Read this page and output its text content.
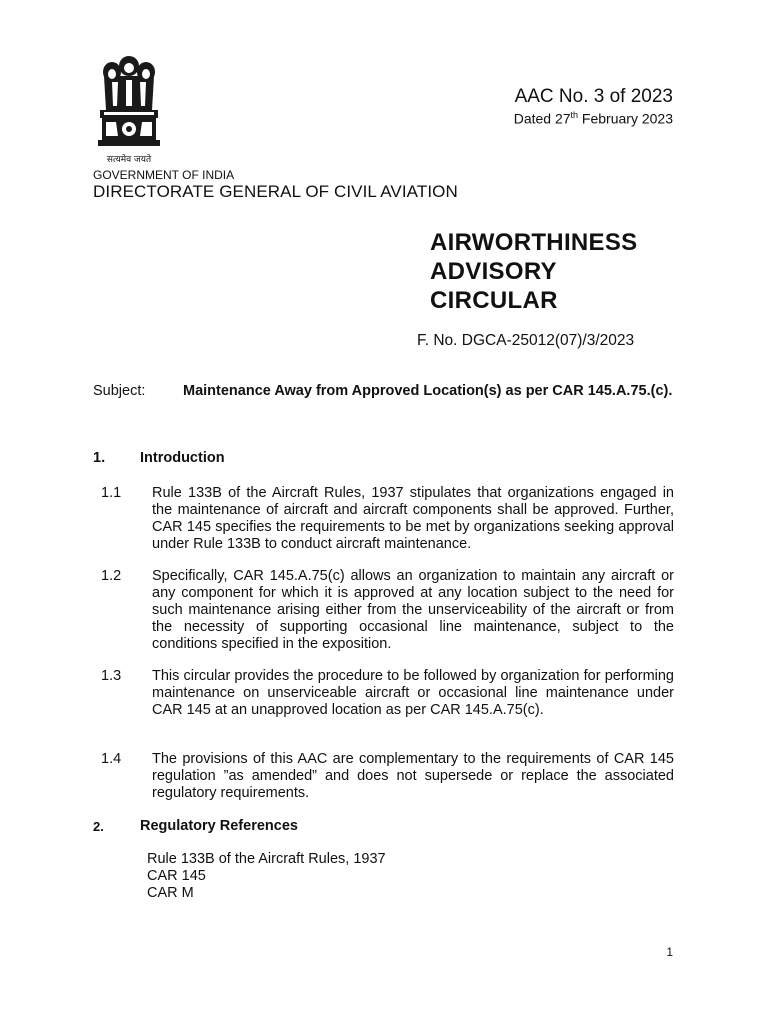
सत्यमेव जयते
AAC No. 3 of 2023
Dated 27th February 2023
GOVERNMENT OF INDIA
DIRECTORATE GENERAL OF CIVIL AVIATION
AIRWORTHINESS
ADVISORY
CIRCULAR
F. No. DGCA-25012(07)/3/2023
Subject:	Maintenance Away from Approved Location(s) as per CAR 145.A.75.(c).
1. Introduction
1.1 Rule 133B of the Aircraft Rules, 1937 stipulates that organizations engaged in the maintenance of aircraft and aircraft components shall be approved. Further, CAR 145 specifies the requirements to be met by organizations seeking approval under Rule 133B to conduct aircraft maintenance.
1.2 Specifically, CAR 145.A.75(c) allows an organization to maintain any aircraft or any component for which it is approved at any location subject to the need for such maintenance arising either from the unserviceability of the aircraft or from the necessity of supporting occasional line maintenance, subject to the conditions specified in the exposition.
1.3 This circular provides the procedure to be followed by organization for performing maintenance on unserviceable aircraft or occasional line maintenance under CAR 145 at an unapproved location as per CAR 145.A.75(c).
1.4 The provisions of this AAC are complementary to the requirements of CAR 145 regulation ”as amended” and does not supersede or replace the associated regulatory requirements.
2. Regulatory References
Rule 133B of the Aircraft Rules, 1937
CAR 145
CAR M
1
